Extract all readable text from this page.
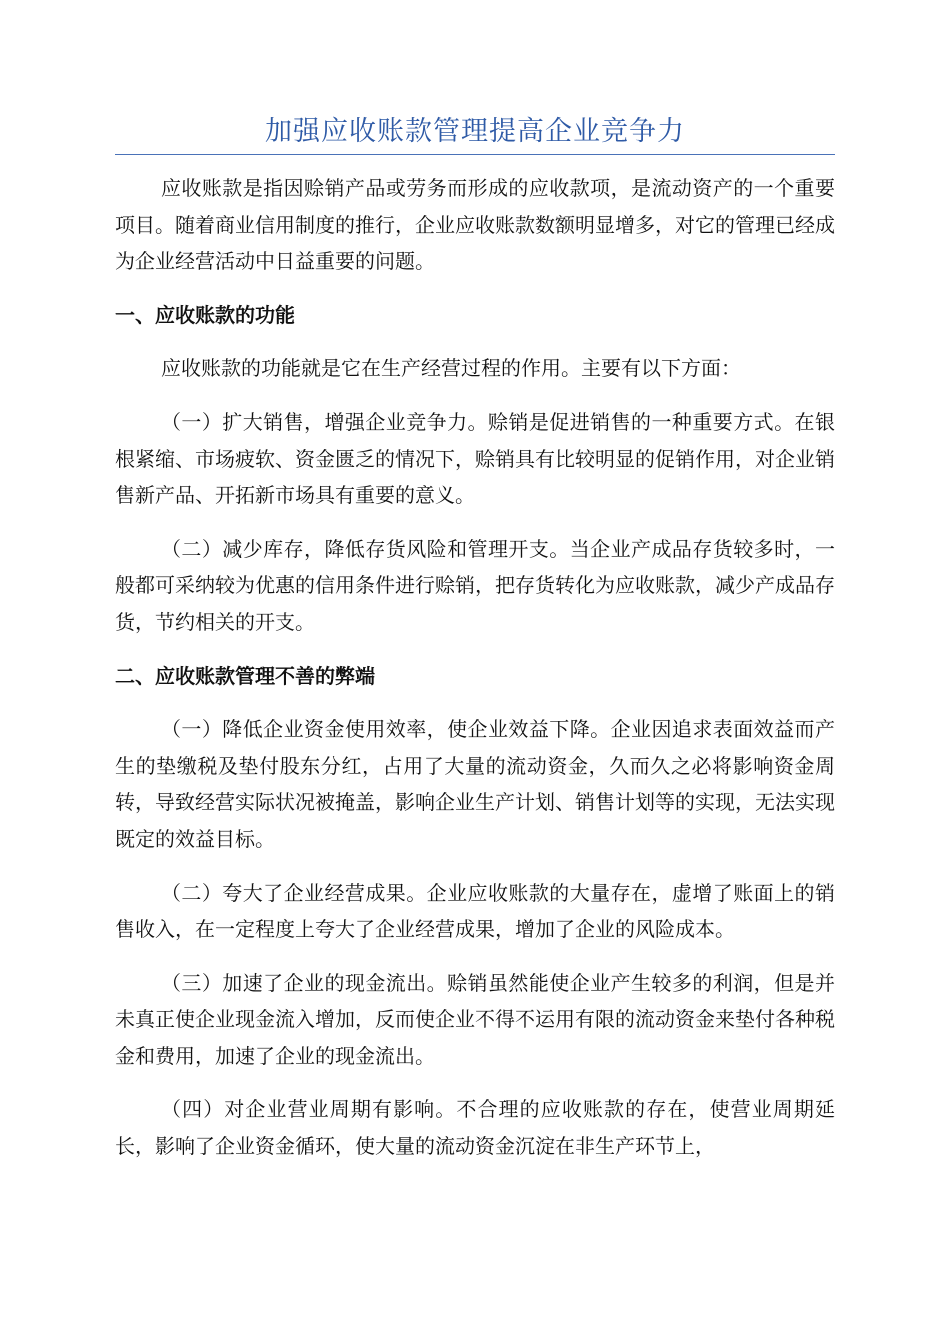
加强应收账款管理提高企业竞争力

应收账款是指因赊销产品或劳务而形成的应收款项，是流动资产的一个重要项目。随着商业信用制度的推行，企业应收账款数额明显增多，对它的管理已经成为企业经营活动中日益重要的问题。

一、应收账款的功能

应收账款的功能就是它在生产经营过程的作用。主要有以下方面：

（一）扩大销售，增强企业竞争力。赊销是促进销售的一种重要方式。在银根紧缩、市场疲软、资金匮乏的情况下，赊销具有比较明显的促销作用，对企业销售新产品、开拓新市场具有重要的意义。

（二）减少库存，降低存货风险和管理开支。当企业产成品存货较多时，一般都可采纳较为优惠的信用条件进行赊销，把存货转化为应收账款，减少产成品存货，节约相关的开支。

二、应收账款管理不善的弊端

（一）降低企业资金使用效率，使企业效益下降。企业因追求表面效益而产生的垫缴税及垫付股东分红，占用了大量的流动资金，久而久之必将影响资金周转，导致经营实际状况被掩盖，影响企业生产计划、销售计划等的实现，无法实现既定的效益目标。

（二）夸大了企业经营成果。企业应收账款的大量存在，虚增了账面上的销售收入，在一定程度上夸大了企业经营成果，增加了企业的风险成本。

（三）加速了企业的现金流出。赊销虽然能使企业产生较多的利润，但是并未真正使企业现金流入增加，反而使企业不得不运用有限的流动资金来垫付各种税金和费用，加速了企业的现金流出。

（四）对企业营业周期有影响。不合理的应收账款的存在，使营业周期延长，影响了企业资金循环，使大量的流动资金沉淀在非生产环节上，
